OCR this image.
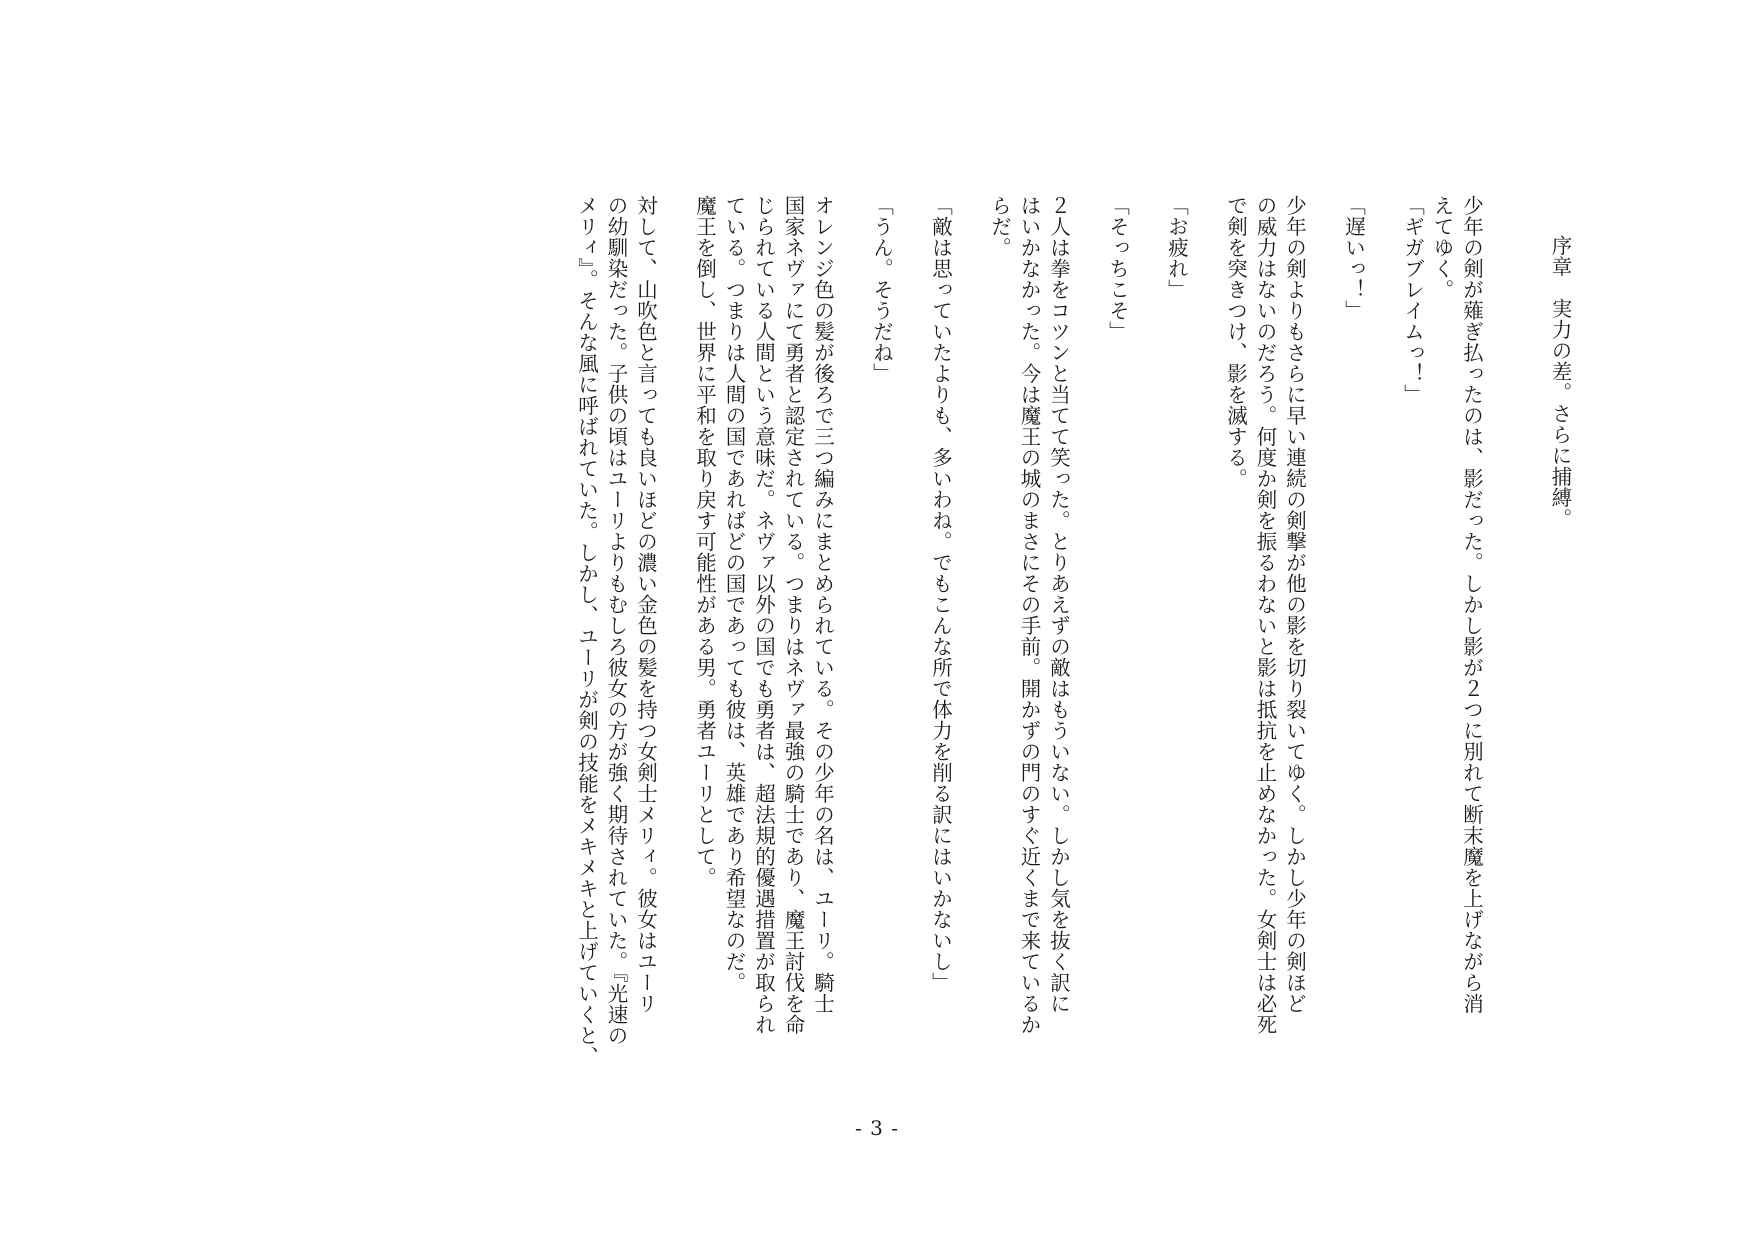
序章　実力の差。さらに捕縛。
少年の剣が薙ぎ払ったのは、影だった。しかし影が２つに別れて断末魔を上げながら消
えてゆく。
「ギガブレイムっ！」
「遅いっ！」
少年の剣よりもさらに早い連続の剣撃が他の影を切り裂いてゆく。しかし少年の剣ほど
の威力はないのだろう。何度か剣を振るわないと影は抵抗を止めなかった。女剣士は必死
で剣を突きつけ、影を滅する。
「お疲れ」
「そっちこそ」
２人は拳をコツンと当てて笑った。とりあえずの敵はもういない。しかし気を抜く訳に
はいかなかった。今は魔王の城のまさにその手前。開かずの門のすぐ近くまで来ているか
らだ。
「敵は思っていたよりも、多いわね。でもこんな所で体力を削る訳にはいかないし」
「うん。そうだね」
オレンジ色の髪が後ろで三つ編みにまとめられている。その少年の名は、ユーリ。騎士
国家ネヴァにて勇者と認定されている。つまりはネヴァ最強の騎士であり、魔王討伐を命
じられている人間という意味だ。ネヴァ以外の国でも勇者は、超法規的優遇措置が取られ
ている。つまりは人間の国であればどの国であっても彼は、英雄であり希望なのだ。
魔王を倒し、世界に平和を取り戻す可能性がある男。勇者ユーリとして。
対して、山吹色と言っても良いほどの濃い金色の髪を持つ女剣士メリィ。彼女はユーリ
の幼馴染だった。子供の頃はユーリよりもむしろ彼女の方が強く期待されていた。『光速の
メリィ』。そんな風に呼ばれていた。しかし、ユーリが剣の技能をメキメキと上げていくと、
- 3 -
